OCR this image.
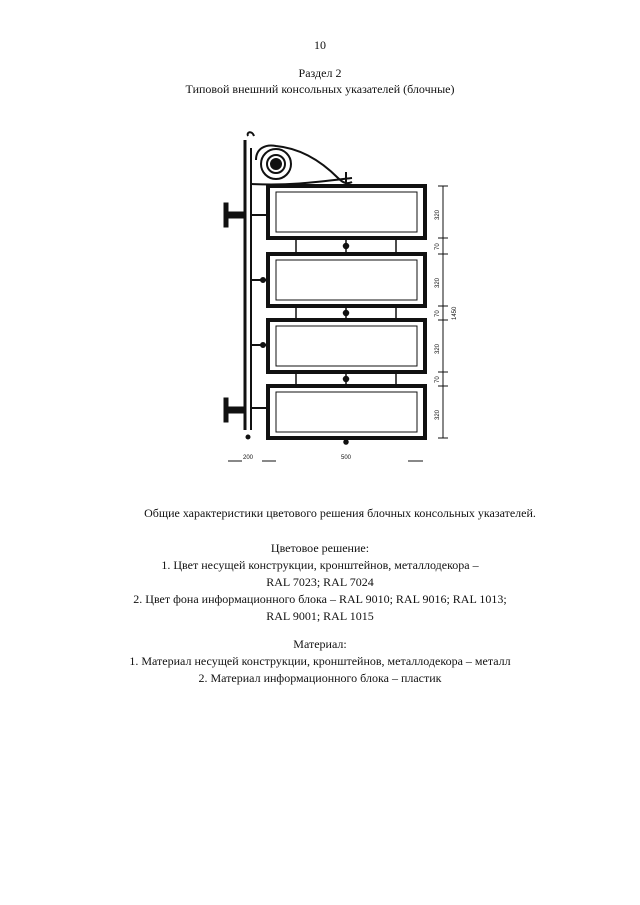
10
Раздел 2
Типовой внешний консольных указателей (блочные)
320
70
320
70
320
70
320
1450
200	500
Общие характеристики цветового решения блочных консольных указателей.
Цветовое решение:
1. Цвет несущей конструкции, кронштейнов, металлодекора –
RAL 7023; RAL 7024
2. Цвет фона информационного блока – RAL 9010; RAL 9016; RAL 1013;
RAL 9001; RAL 1015
Материал:
1. Материал несущей конструкции, кронштейнов, металлодекора – металл
2. Материал информационного блока – пластик
